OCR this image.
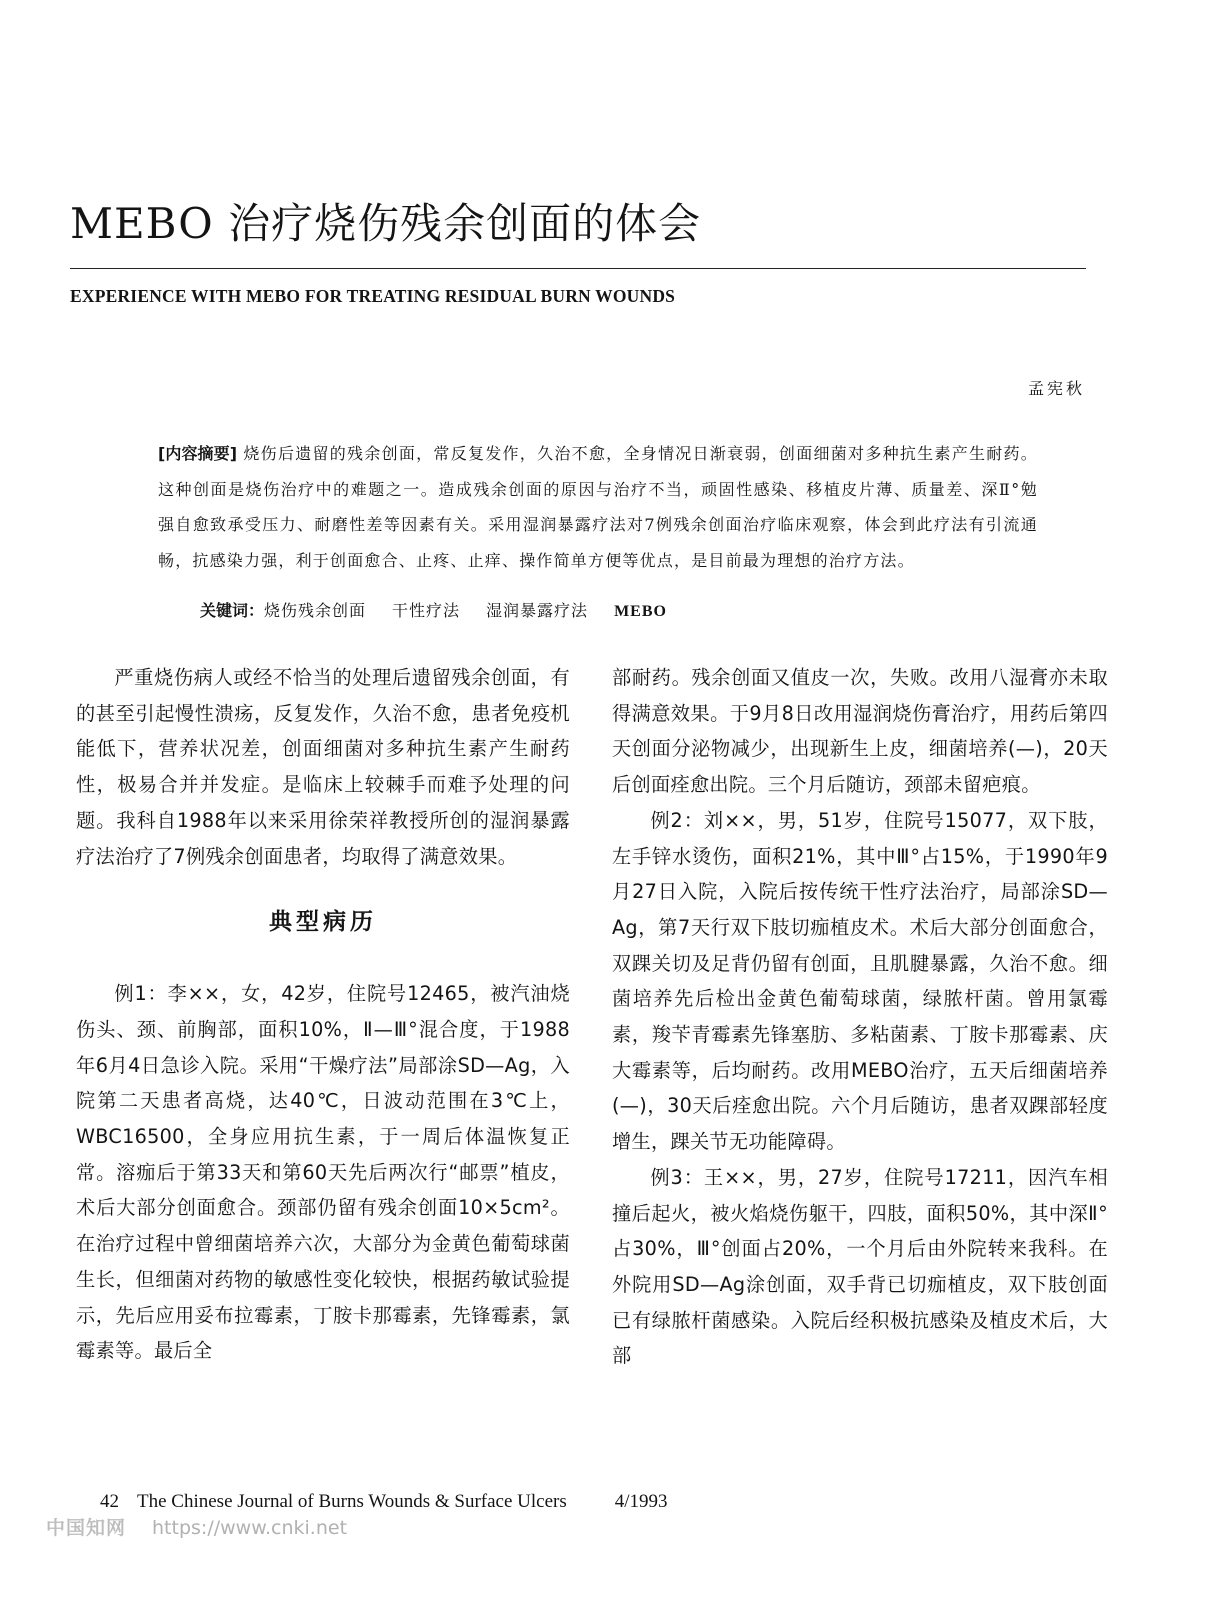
MEBO 治疗烧伤残余创面的体会
EXPERIENCE WITH MEBO FOR TREATING RESIDUAL BURN WOUNDS
孟宪秋
[内容摘要] 烧伤后遗留的残余创面，常反复发作，久治不愈，全身情况日渐衰弱，创面细菌对多种抗生素产生耐药。这种创面是烧伤治疗中的难题之一。造成残余创面的原因与治疗不当，顽固性感染、移植皮片薄、质量差、深Ⅱ°勉强自愈致承受压力、耐磨性差等因素有关。采用湿润暴露疗法对7例残余创面治疗临床观察，体会到此疗法有引流通畅，抗感染力强，利于创面愈合、止疼、止痒、操作简单方便等优点，是目前最为理想的治疗方法。
关键词：烧伤残余创面 干性疗法 湿润暴露疗法 MEBO

严重烧伤病人或经不恰当的处理后遗留残余创面，有的甚至引起慢性溃疡，反复发作，久治不愈，患者免疫机能低下，营养状况差，创面细菌对多种抗生素产生耐药性，极易合并并发症。是临床上较棘手而难予处理的问题。我科自1988年以来采用徐荣祥教授所创的湿润暴露疗法治疗了7例残余创面患者，均取得了满意效果。

典型病历

例1：李××，女，42岁，住院号12465，被汽油烧伤头、颈、前胸部，面积10%，Ⅱ—Ⅲ°混合度，于1988年6月4日急诊入院。采用“干燥疗法”局部涂SD—Ag，入院第二天患者高烧，达40℃，日波动范围在3℃上，WBC16500，全身应用抗生素，于一周后体温恢复正常。溶痂后于第33天和第60天先后两次行“邮票”植皮，术后大部分创面愈合。颈部仍留有残余创面10×5cm²。在治疗过程中曾细菌培养六次，大部分为金黄色葡萄球菌生长，但细菌对药物的敏感性变化较快，根据药敏试验提示，先后应用妥布拉霉素，丁胺卡那霉素，先锋霉素，氯霉素等。最后全

部耐药。残余创面又值皮一次，失败。改用八湿膏亦未取得满意效果。于9月8日改用湿润烧伤膏治疗，用药后第四天创面分泌物减少，出现新生上皮，细菌培养(—)，20天后创面痊愈出院。三个月后随访，颈部未留疤痕。

例2：刘××，男，51岁，住院号15077，双下肢，左手锌水烫伤，面积21%，其中Ⅲ°占15%，于1990年9月27日入院，入院后按传统干性疗法治疗，局部涂SD—Ag，第7天行双下肢切痂植皮术。术后大部分创面愈合，双踝关切及足背仍留有创面，且肌腱暴露，久治不愈。细菌培养先后检出金黄色葡萄球菌，绿脓杆菌。曾用氯霉素，羧苄青霉素先锋塞肪、多粘菌素、丁胺卡那霉素、庆大霉素等，后均耐药。改用MEBO治疗，五天后细菌培养(—)，30天后痊愈出院。六个月后随访，患者双踝部轻度增生，踝关节无功能障碍。

例3：王××，男，27岁，住院号17211，因汽车相撞后起火，被火焰烧伤躯干，四肢，面积50%，其中深Ⅱ°占30%，Ⅲ°创面占20%，一个月后由外院转来我科。在外院用SD—Ag涂创面，双手背已切痂植皮，双下肢创面已有绿脓杆菌感染。入院后经积极抗感染及植皮术后，大部

42 The Chinese Journal of Burns Wounds & Surface Ulcers	4/1993
中国知网 https://www.cnki.net
